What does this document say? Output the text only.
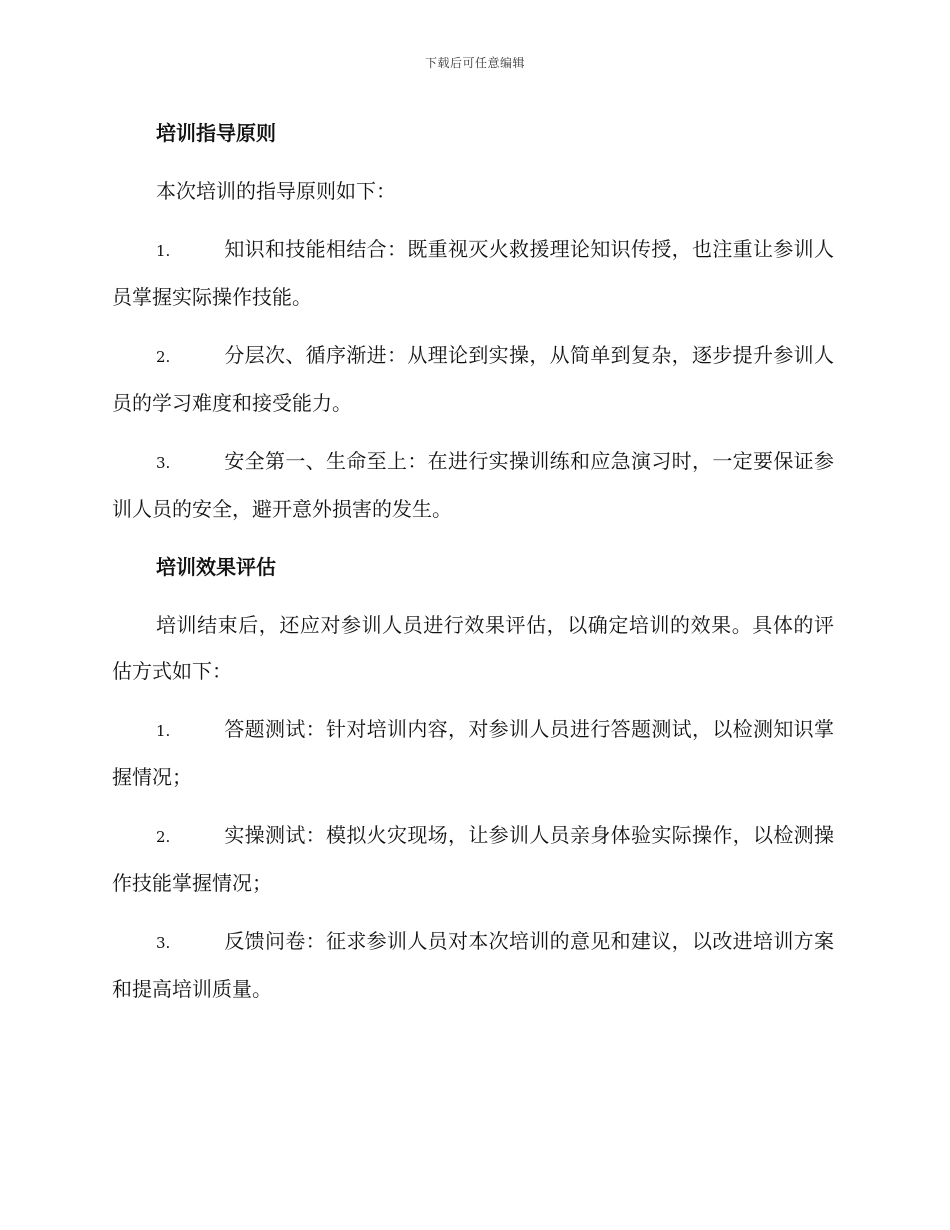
下载后可任意编辑
培训指导原则
本次培训的指导原则如下：
1.	知识和技能相结合：既重视灭火救援理论知识传授，也注重让参训人员掌握实际操作技能。
2.	分层次、循序渐进：从理论到实操，从简单到复杂，逐步提升参训人员的学习难度和接受能力。
3.	安全第一、生命至上：在进行实操训练和应急演习时，一定要保证参训人员的安全，避开意外损害的发生。
培训效果评估
培训结束后，还应对参训人员进行效果评估，以确定培训的效果。具体的评估方式如下：
1.	答题测试：针对培训内容，对参训人员进行答题测试，以检测知识掌握情况；
2.	实操测试：模拟火灾现场，让参训人员亲身体验实际操作，以检测操作技能掌握情况；
3.	反馈问卷：征求参训人员对本次培训的意见和建议，以改进培训方案和提高培训质量。
